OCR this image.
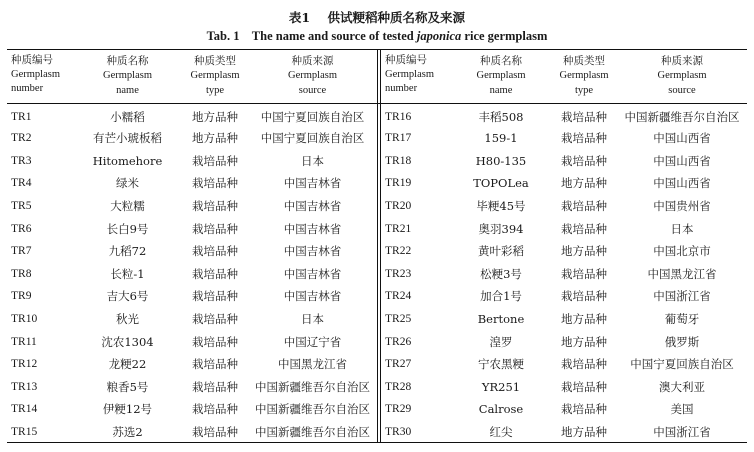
表1 供试粳稻种质名称及来源
Tab. 1 The name and source of tested japonica rice germplasm
种质编号
Germplasm
number	种质名称
Germplasm
name	种质类型
Germplasm
type	种质来源
Germplasm
source
TR1	小糯稻	地方品种	中国宁夏回族自治区
TR2	有芒小琥板稻	地方品种	中国宁夏回族自治区
TR3	Hitomehore	栽培品种	日本
TR4	绿米	栽培品种	中国吉林省
TR5	大粒糯	栽培品种	中国吉林省
TR6	长白9号	栽培品种	中国吉林省
TR7	九稻72	栽培品种	中国吉林省
TR8	长粒-1	栽培品种	中国吉林省
TR9	吉大6号	栽培品种	中国吉林省
TR10	秋光	栽培品种	日本
TR11	沈农1304	栽培品种	中国辽宁省
TR12	龙粳22	栽培品种	中国黑龙江省
TR13	粮香5号	栽培品种	中国新疆维吾尔自治区
TR14	伊粳12号	栽培品种	中国新疆维吾尔自治区
TR15	苏选2	栽培品种	中国新疆维吾尔自治区
种质编号
Germplasm
number	种质名称
Germplasm
name	种质类型
Germplasm
type	种质来源
Germplasm
source
TR16	丰稻508	栽培品种	中国新疆维吾尔自治区
TR17	159-1	栽培品种	中国山西省
TR18	H80-135	栽培品种	中国山西省
TR19	TOPOLea	地方品种	中国山西省
TR20	毕粳45号	栽培品种	中国贵州省
TR21	奥羽394	栽培品种	日本
TR22	黄叶彩稻	地方品种	中国北京市
TR23	松粳3号	栽培品种	中国黑龙江省
TR24	加合1号	栽培品种	中国浙江省
TR25	Bertone	地方品种	葡萄牙
TR26	湟罗	地方品种	俄罗斯
TR27	宁农黑粳	栽培品种	中国宁夏回族自治区
TR28	YR251	栽培品种	澳大利亚
TR29	Calrose	栽培品种	美国
TR30	红尖	地方品种	中国浙江省
